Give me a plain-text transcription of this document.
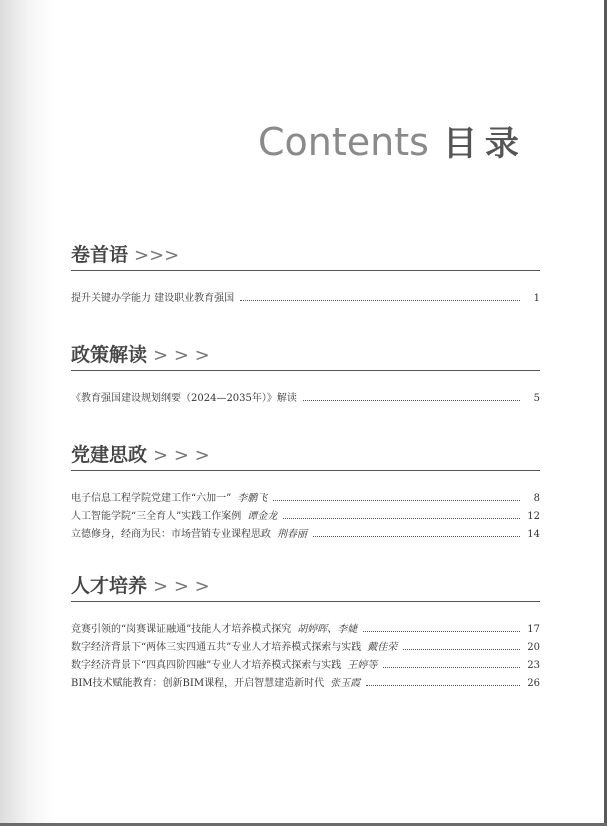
Contents 目录
卷首语 >>>
提升关键办学能力 建设职业教育强国	1
政策解读 > > >
《教育强国建设规划纲要（2024—2035年）》解读	5
党建思政 > > >
电子信息工程学院党建工作“六加一” 李鹏飞	8
人工智能学院“三全育人”实践工作案例 谭金龙	12
立德修身，经商为民：市场营销专业课程思政 荆春丽	14
人才培养 > > >
竞赛引领的“岗赛课证融通”技能人才培养模式探究 胡婷晖、李婕	17
数字经济背景下“两体三实四通五共”专业人才培养模式探索与实践 戴佳荣	20
数字经济背景下“四真四阶四融”专业人才培养模式探索与实践 王婷等	23
BIM技术赋能教育：创新BIM课程，开启智慧建造新时代 张玉霞	26
